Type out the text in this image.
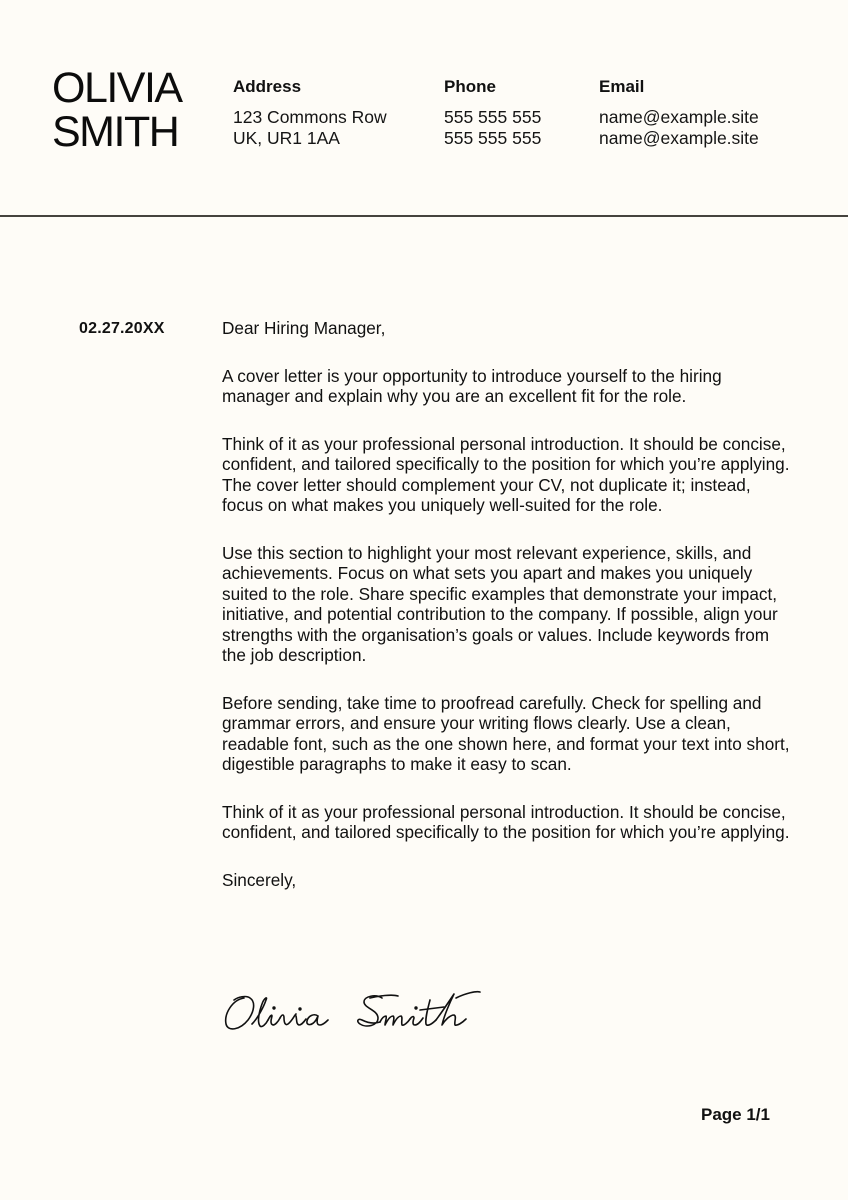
OLIVIA
SMITH
Address
123 Commons Row
UK, UR1 1AA
Phone
555 555 555
555 555 555
Email
name@example.site
name@example.site
02.27.20XX	Dear Hiring Manager,

A cover letter is your opportunity to introduce yourself to the hiring manager and explain why you are an excellent fit for the role.

Think of it as your professional personal introduction. It should be concise, confident, and tailored specifically to the position for which you’re applying. The cover letter should complement your CV, not duplicate it; instead, focus on what makes you uniquely well-suited for the role.

Use this section to highlight your most relevant experience, skills, and achievements. Focus on what sets you apart and makes you uniquely suited to the role. Share specific examples that demonstrate your impact, initiative, and potential contribution to the company. If possible, align your strengths with the organisation’s goals or values. Include keywords from the job description.

Before sending, take time to proofread carefully. Check for spelling and grammar errors, and ensure your writing flows clearly. Use a clean, readable font, such as the one shown here, and format your text into short, digestible paragraphs to make it easy to scan.

Think of it as your professional personal introduction. It should be concise, confident, and tailored specifically to the position for which you’re applying.

Sincerely,

Page 1/1
